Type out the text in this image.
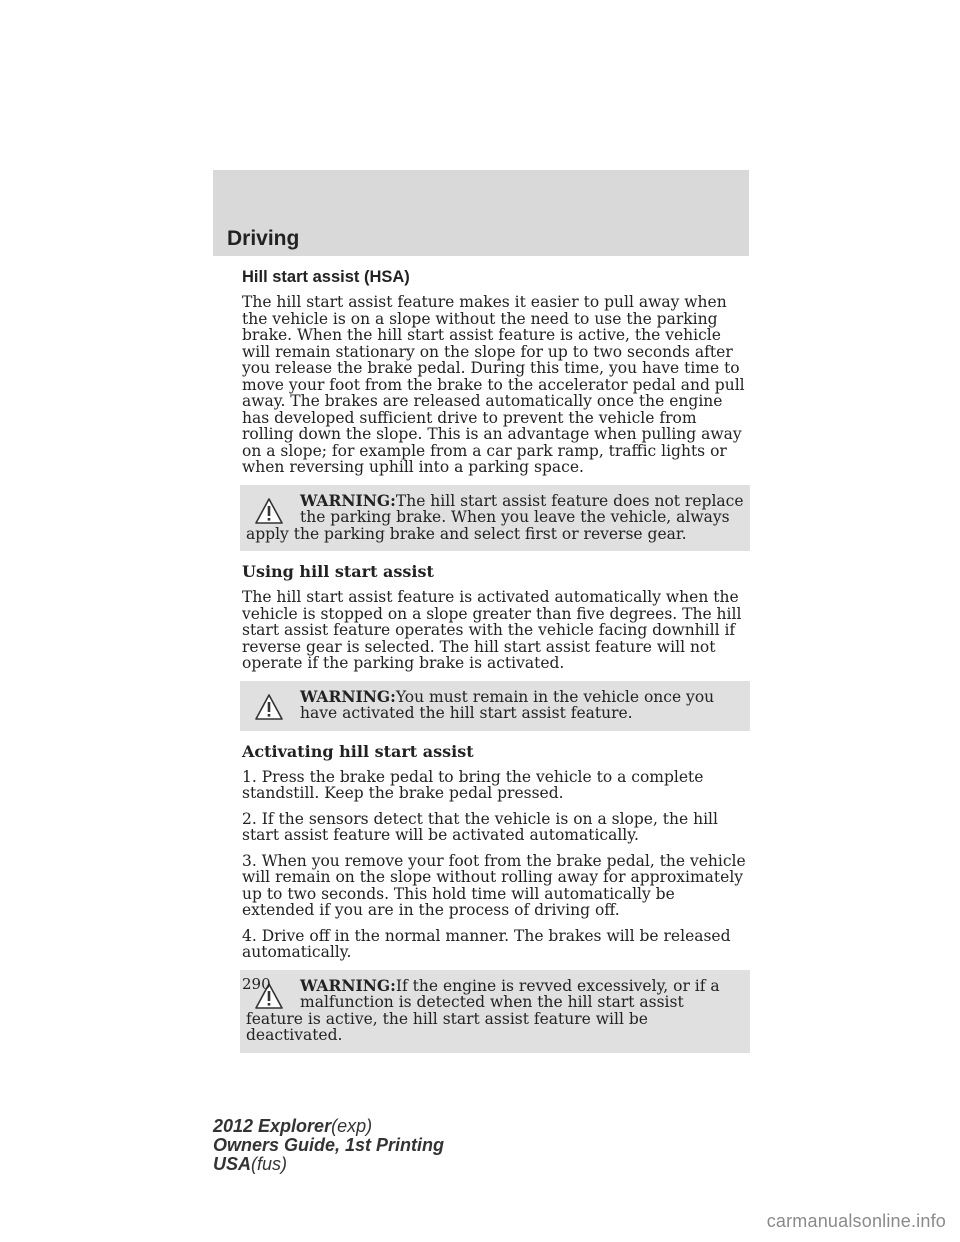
Driving
Hill start assist (HSA)

The hill start assist feature makes it easier to pull away when the vehicle is on a slope without the need to use the parking brake. When the hill start assist feature is active, the vehicle will remain stationary on the slope for up to two seconds after you release the brake pedal. During this time, you have time to move your foot from the brake to the accelerator pedal and pull away. The brakes are released automatically once the engine has developed sufficient drive to prevent the vehicle from rolling down the slope. This is an advantage when pulling away on a slope; for example from a car park ramp, traffic lights or when reversing uphill into a parking space.

WARNING:The hill start assist feature does not replace the parking brake. When you leave the vehicle, always apply the parking brake and select first or reverse gear.

Using hill start assist

The hill start assist feature is activated automatically when the vehicle is stopped on a slope greater than five degrees. The hill start assist feature operates with the vehicle facing downhill if reverse gear is selected. The hill start assist feature will not operate if the parking brake is activated.

WARNING:You must remain in the vehicle once you have activated the hill start assist feature.

Activating hill start assist

1. Press the brake pedal to bring the vehicle to a complete standstill. Keep the brake pedal pressed.

2. If the sensors detect that the vehicle is on a slope, the hill start assist feature will be activated automatically.

3. When you remove your foot from the brake pedal, the vehicle will remain on the slope without rolling away for approximately up to two seconds. This hold time will automatically be extended if you are in the process of driving off.

4. Drive off in the normal manner. The brakes will be released automatically.

WARNING:If the engine is revved excessively, or if a malfunction is detected when the hill start assist feature is active, the hill start assist feature will be deactivated.

290
2012 Explorer(exp)
Owners Guide, 1st Printing
USA(fus)
carmanualsonline.info
